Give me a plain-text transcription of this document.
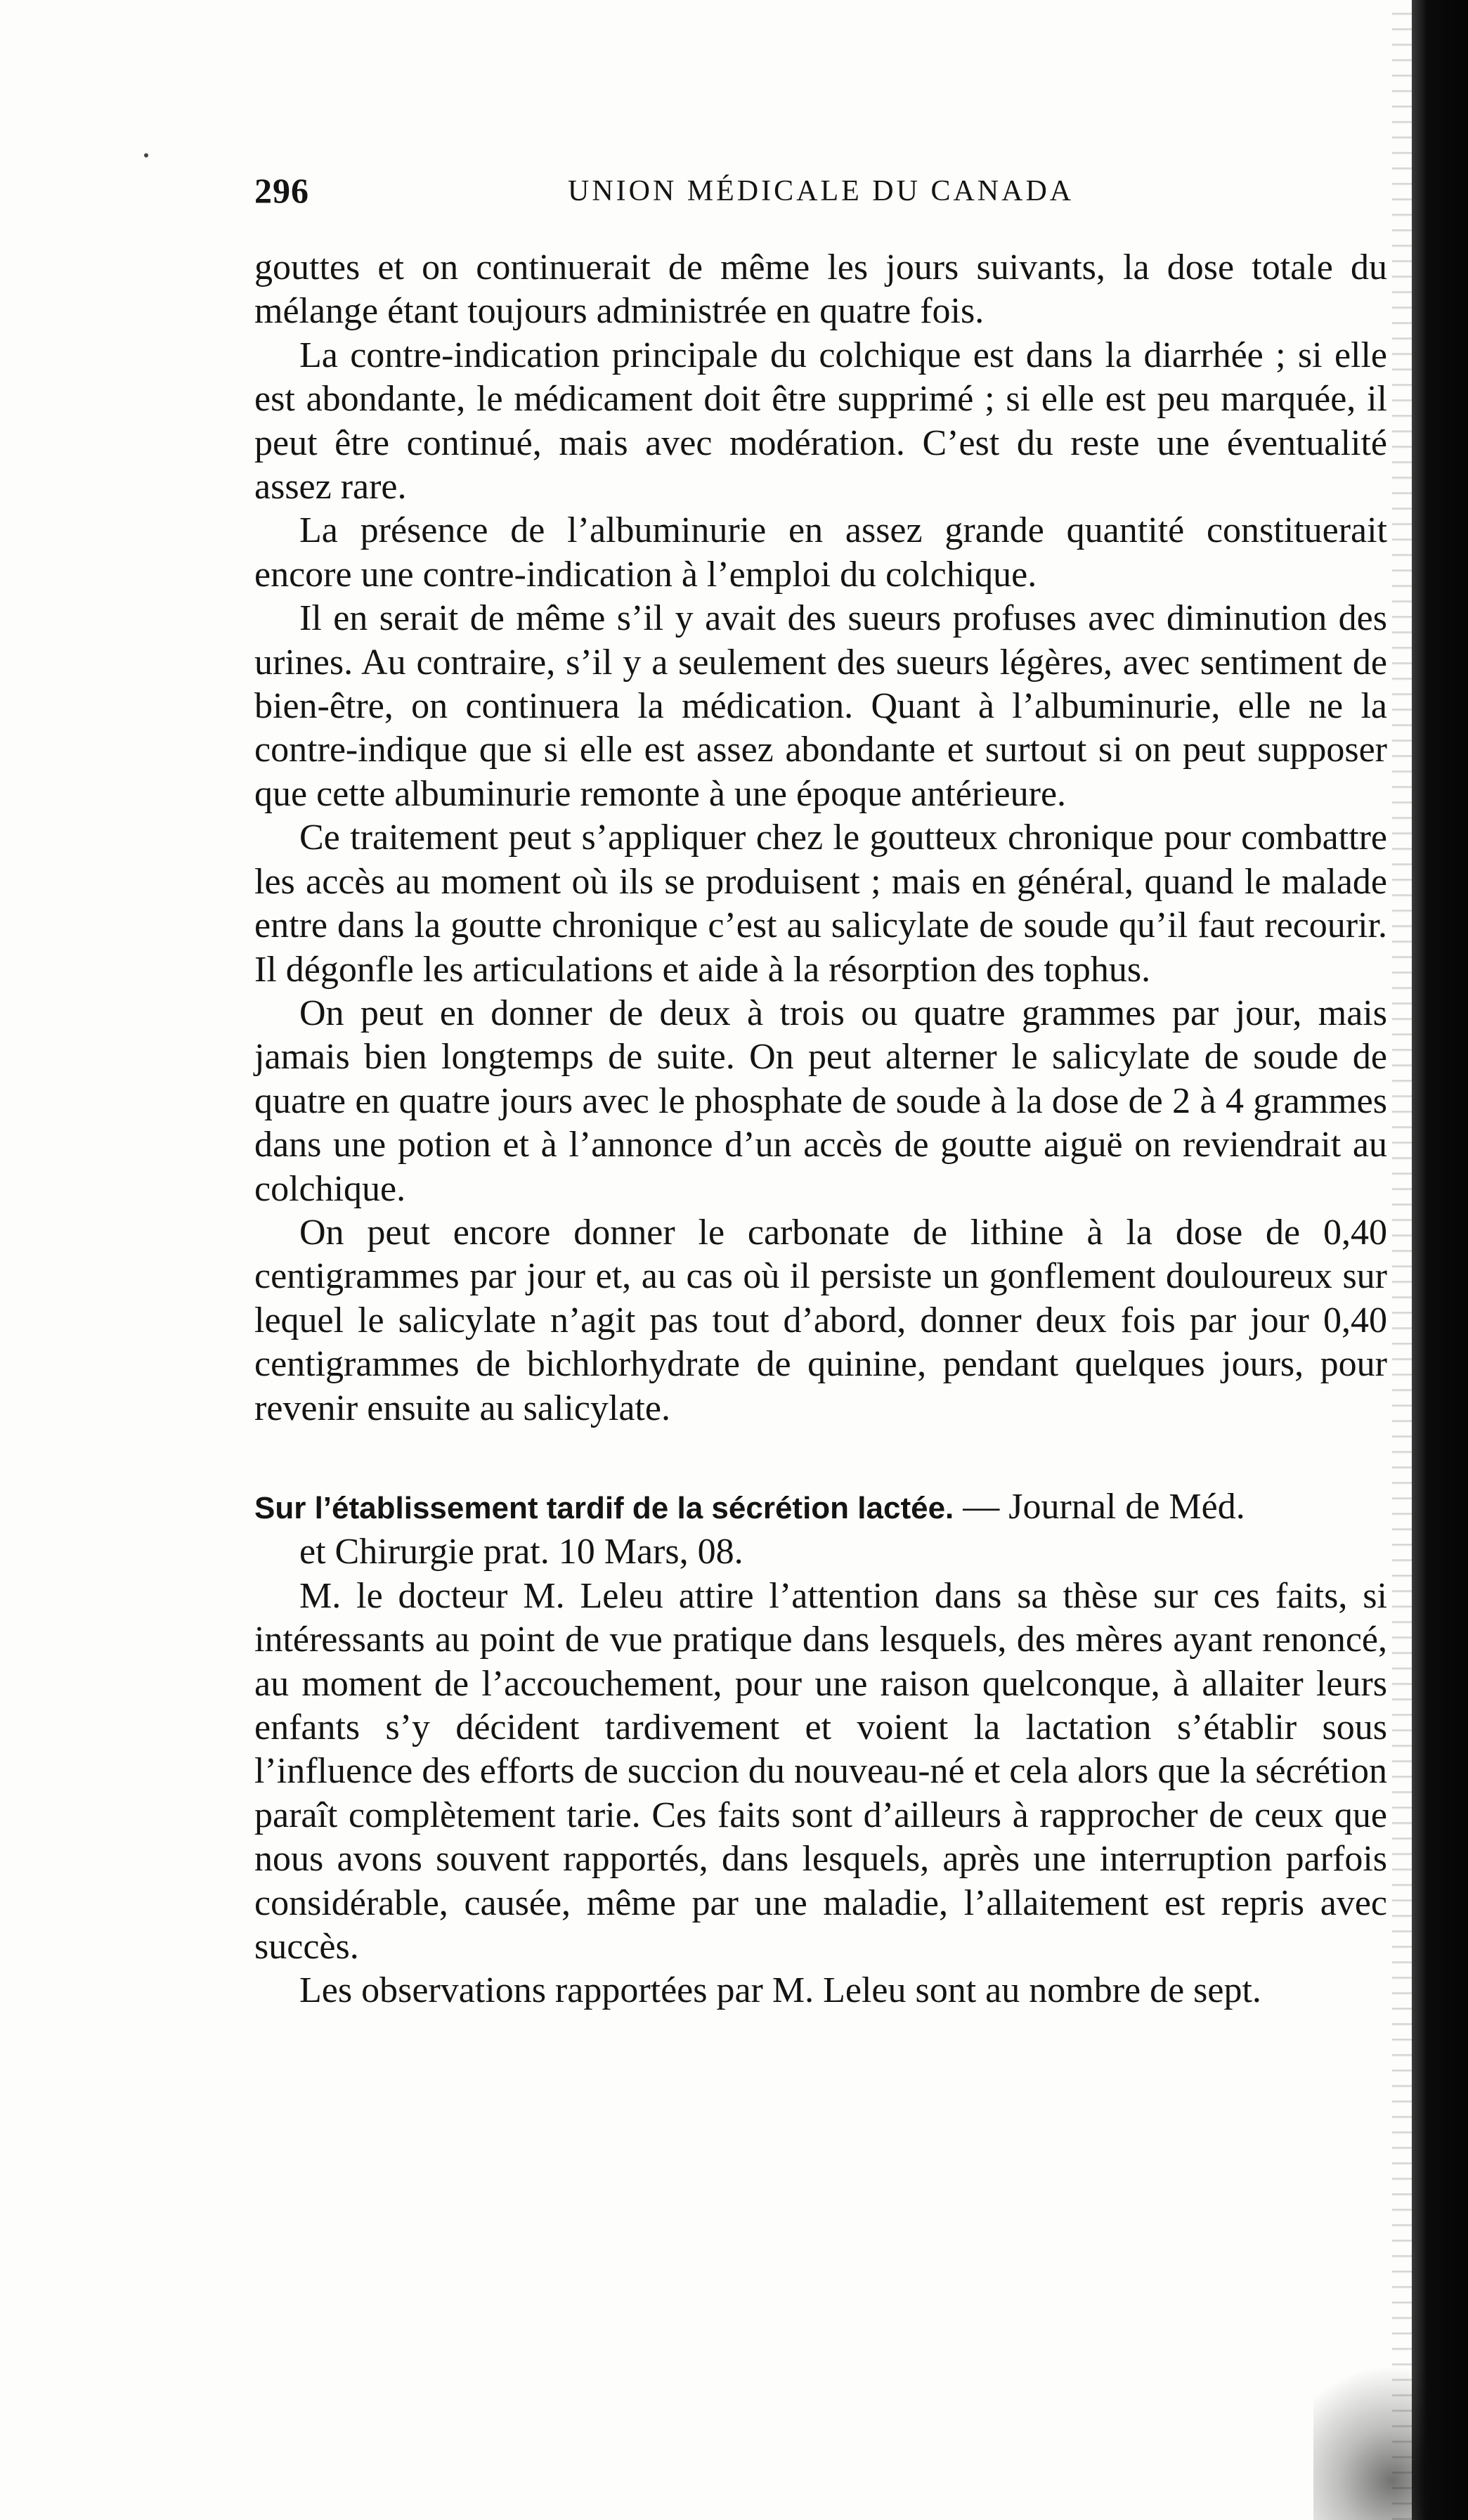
296	UNION MÉDICALE DU CANADA

gouttes et on continuerait de même les jours suivants, la dose totale du mélange étant toujours administrée en quatre fois.

La contre-indication principale du colchique est dans la diarrhée ; si elle est abondante, le médicament doit être supprimé ; si elle est peu marquée, il peut être continué, mais avec modération. C’est du reste une éventualité assez rare.

La présence de l’albuminurie en assez grande quantité constituerait encore une contre-indication à l’emploi du colchique.

Il en serait de même s’il y avait des sueurs profuses avec diminution des urines. Au contraire, s’il y a seulement des sueurs légères, avec sentiment de bien-être, on continuera la médication. Quant à l’albuminurie, elle ne la contre-indique que si elle est assez abondante et surtout si on peut supposer que cette albuminurie remonte à une époque antérieure.

Ce traitement peut s’appliquer chez le goutteux chronique pour combattre les accès au moment où ils se produisent ; mais en général, quand le malade entre dans la goutte chronique c’est au salicylate de soude qu’il faut recourir. Il dégonfle les articulations et aide à la résorption des tophus.

On peut en donner de deux à trois ou quatre grammes par jour, mais jamais bien longtemps de suite. On peut alterner le salicylate de soude de quatre en quatre jours avec le phosphate de soude à la dose de 2 à 4 grammes dans une potion et à l’annonce d’un accès de goutte aiguë on reviendrait au colchique.

On peut encore donner le carbonate de lithine à la dose de 0,40 centigrammes par jour et, au cas où il persiste un gonflement douloureux sur lequel le salicylate n’agit pas tout d’abord, donner deux fois par jour 0,40 centigrammes de bichlorhydrate de quinine, pendant quelques jours, pour revenir ensuite au salicylate.

Sur l’établissement tardif de la sécrétion lactée. — Journal de Méd.

et Chirurgie prat. 10 Mars, 08.

M. le docteur M. Leleu attire l’attention dans sa thèse sur ces faits, si intéressants au point de vue pratique dans lesquels, des mères ayant renoncé, au moment de l’accouchement, pour une raison quelconque, à allaiter leurs enfants s’y décident tardivement et voient la lactation s’établir sous l’influence des efforts de succion du nouveau-né et cela alors que la sécrétion paraît complètement tarie. Ces faits sont d’ailleurs à rapprocher de ceux que nous avons souvent rapportés, dans lesquels, après une interruption parfois considérable, causée, même par une maladie, l’allaitement est repris avec succès.

Les observations rapportées par M. Leleu sont au nombre de sept.
